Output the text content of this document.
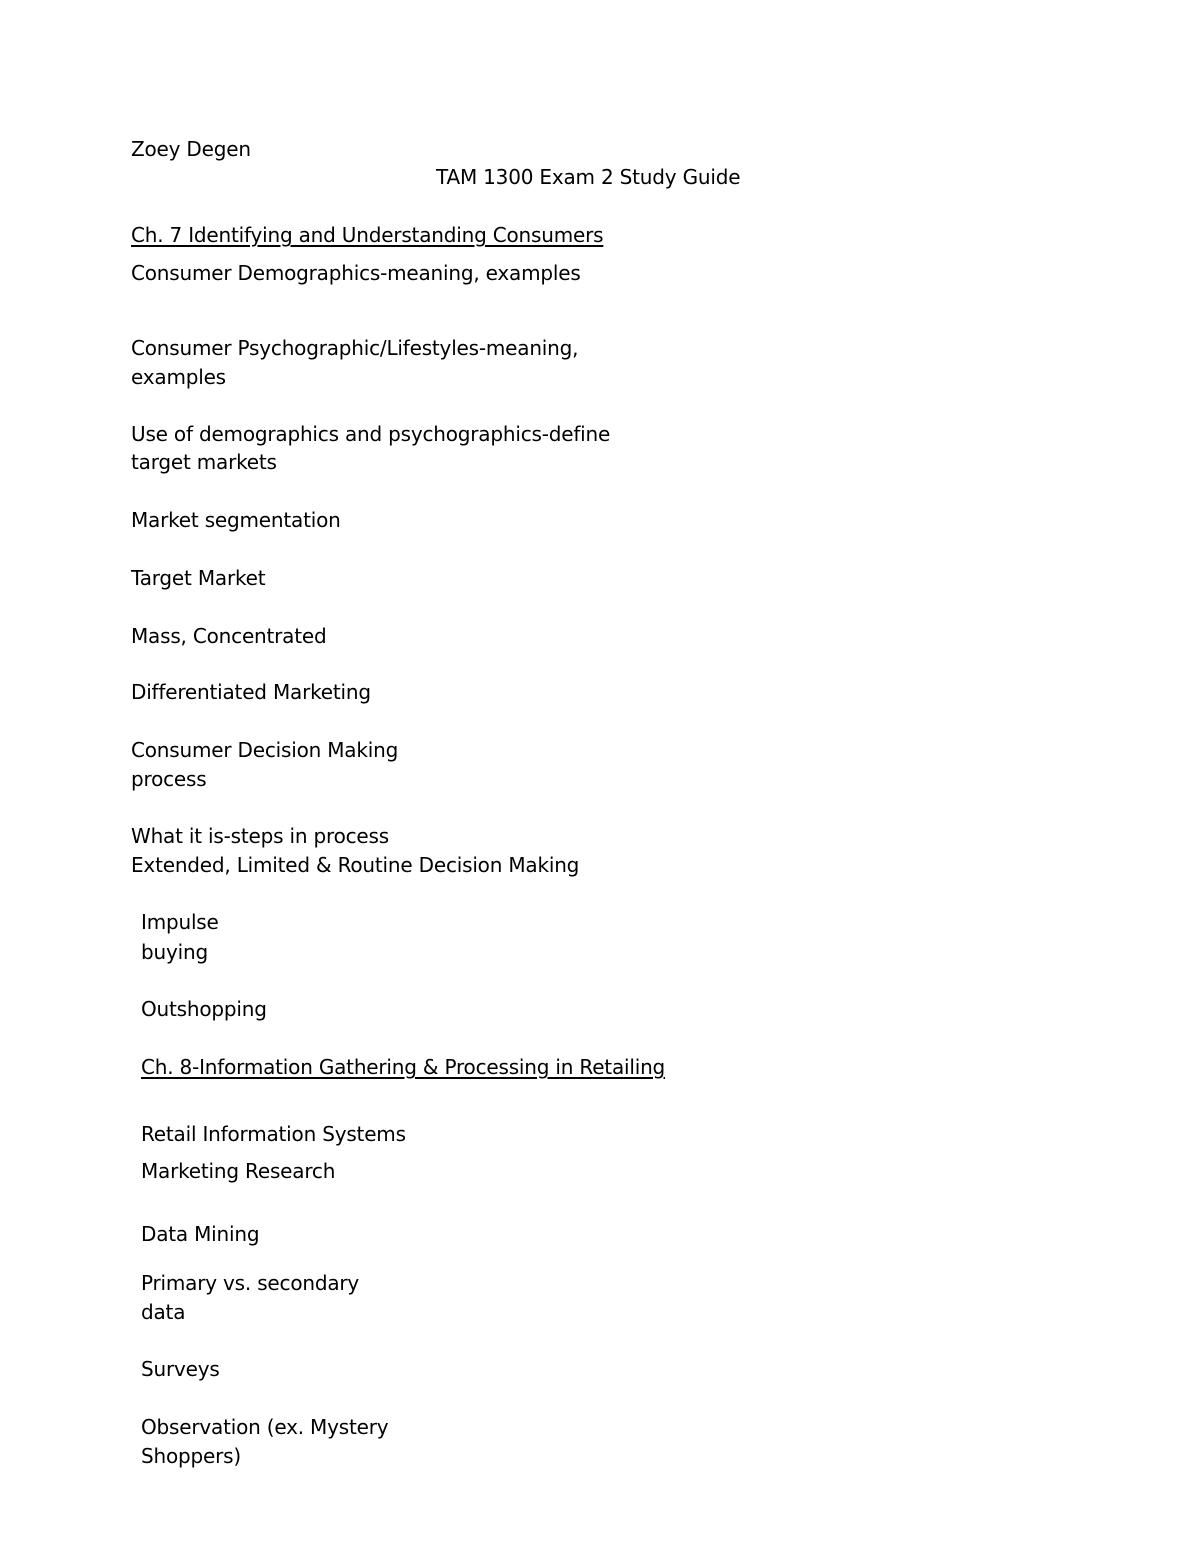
Zoey Degen
TAM 1300 Exam 2 Study Guide
Ch. 7 Identifying and Understanding Consumers
Consumer Demographics-meaning, examples
Consumer Psychographic/Lifestyles-meaning,
examples
Use of demographics and psychographics-define
target markets
Market segmentation
Target Market
Mass, Concentrated
Differentiated Marketing
Consumer Decision Making
process
What it is-steps in process
Extended, Limited & Routine Decision Making
Impulse
buying
Outshopping
Ch. 8-Information Gathering & Processing in Retailing
Retail Information Systems
Marketing Research
Data Mining
Primary vs. secondary
data
Surveys
Observation (ex. Mystery
Shoppers)
